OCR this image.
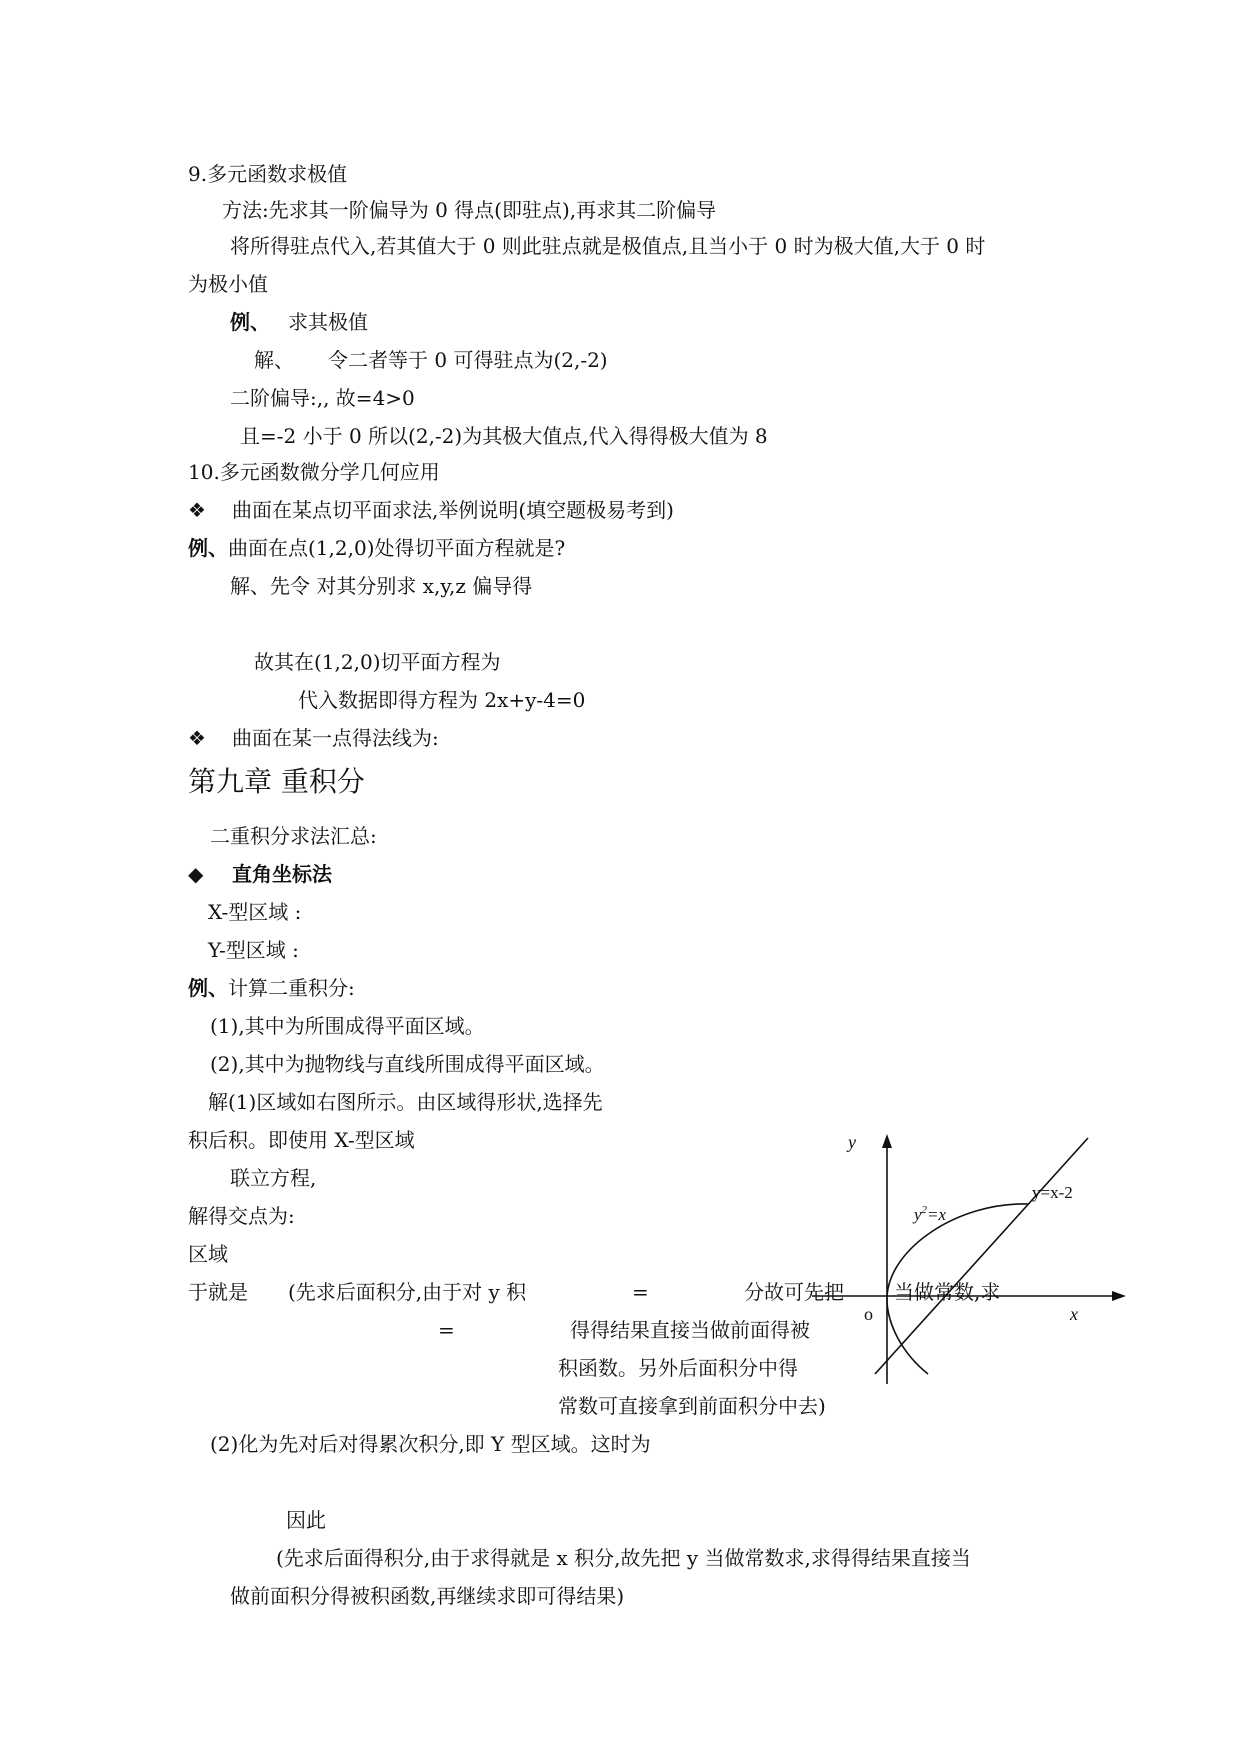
9.多元函数求极值
方法:先求其一阶偏导为 0 得点(即驻点),再求其二阶偏导
将所得驻点代入,若其值大于 0 则此驻点就是极值点,且当小于 0 时为极大值,大于 0 时
为极小值
例、 求其极值
解、 令二者等于 0 可得驻点为(2,-2)
二阶偏导:,, 故=4>0
且=-2 小于 0 所以(2,-2)为其极大值点,代入得得极大值为 8
10.多元函数微分学几何应用
❖ 曲面在某点切平面求法,举例说明(填空题极易考到)
例、曲面在点(1,2,0)处得切平面方程就是?
解、先令 对其分别求 x,y,z 偏导得
故其在(1,2,0)切平面方程为
代入数据即得方程为 2x+y-4=0
❖ 曲面在某一点得法线为:
第九章 重积分
二重积分求法汇总:
◆ 直角坐标法
X-型区域 :
Y-型区域 :
例、计算二重积分:
(1),其中为所围成得平面区域。
(2),其中为抛物线与直线所围成得平面区域。
解(1)区域如右图所示。由区域得形状,选择先
积后积。即使用 X-型区域
联立方程,
解得交点为:
区域
于就是 (先求后面积分,由于对 y 积	=	分故可先把	当做常数,求
=	得得结果直接当做前面得被
积函数。另外后面积分中得
常数可直接拿到前面积分中去)
(2)化为先对后对得累次积分,即 Y 型区域。这时为
因此
(先求后面得积分,由于求得就是 x 积分,故先把 y 当做常数求,求得得结果直接当
做前面积分得被积函数,再继续求即可得结果)
y
x
o
$y^2=x$
y=x-2
